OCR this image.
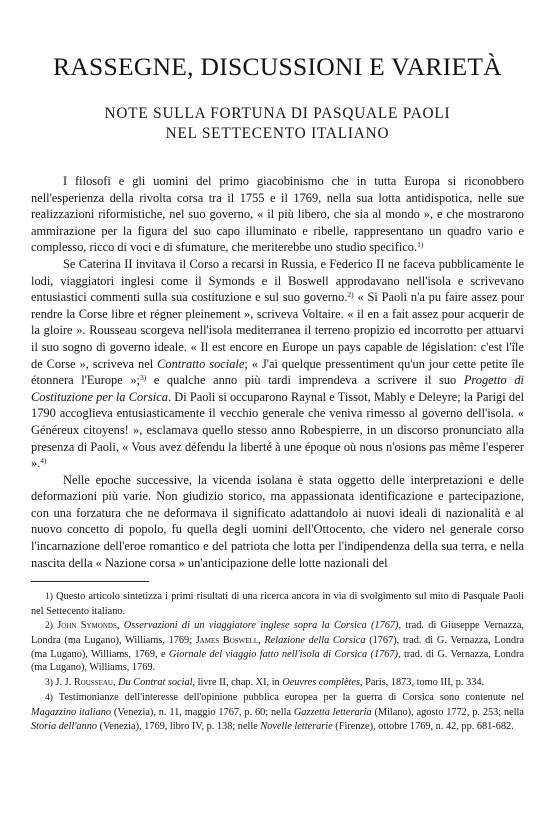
RASSEGNE, DISCUSSIONI E VARIETÀ
NOTE SULLA FORTUNA DI PASQUALE PAOLI
NEL SETTECENTO ITALIANO

I filosofi e gli uomini del primo giacobinismo che in tutta Europa si riconobbero nell'esperienza della rivolta corsa tra il 1755 e il 1769, nella sua lotta antidispotica, nelle sue realizzazioni riformistiche, nel suo governo, « il più libero, che sia al mondo », e che mostrarono ammirazione per la figura del suo capo illuminato e ribelle, rappresentano un quadro vario e complesso, ricco di voci e di sfumature, che meriterebbe uno studio specifico.$^{1)}$

Se Caterina II invitava il Corso a recarsi in Russia, e Federico II ne faceva pubblicamente le lodi, viaggiatori inglesi come il Symonds e il Boswell approdavano nell'isola e scrivevano entusiastici commenti sulla sua costituzione e sul suo governo.$^{2)}$ « Si Paoli n'a pu faire assez pour rendre la Corse libre et régner pleinement », scriveva Voltaire. « il en a fait assez pour acquerir de la gloire ». Rousseau scorgeva nell'isola mediterranea il terreno propizio ed incorrotto per attuarvi il suo sogno di governo ideale. « Il est encore en Europe un pays capable de législation: c'est l'île de Corse », scriveva nel Contratto sociale; « J'ai quelque pressentiment qu'un jour cette petite île étonnera l'Europe »;$^{3)}$ e qualche anno più tardi imprendeva a scrivere il suo Progetto di Costituzione per la Corsica. Di Paoli si occuparono Raynal e Tissot, Mably e Deleyre; la Parigi del 1790 accoglieva entusiasticamente il vecchio generale che veniva rimesso al governo dell'isola. « Généreux citoyens! », esclamava quello stesso anno Robespierre, in un discorso pronunciato alla presenza di Paoli, « Vous avez défendu la liberté à une époque où nous n'osions pas même l'esperer ».$^{4)}$

Nelle epoche successive, la vicenda isolana è stata oggetto delle interpretazioni e delle deformazioni più varie. Non giudizio storico, ma appassionata identificazione e partecipazione, con una forzatura che ne deformava il significato adattandolo ai nuovi ideali di nazionalità e al nuovo concetto di popolo, fu quella degli uomini dell'Ottocento, che videro nel generale corso l'incarnazione dell'eroe romantico e del patriota che lotta per l'indipendenza della sua terra, e nella nascita della « Nazione corsa » un'anticipazione delle lotte nazionali del

1) Questo articolo sintetizza i primi risultati di una ricerca ancora in via di svolgimento sul mito di Pasquale Paoli nel Settecento italiano.

2) John Symonds, Osservazioni di un viaggiatore inglese sopra la Corsica (1767), trad. di Giuseppe Vernazza, Londra (ma Lugano), Williams, 1769; James Boswell, Relazione della Corsica (1767), trad. di G. Vernazza, Londra (ma Lugano), Williams, 1769, e Giornale del viaggio fatto nell'isola di Corsica (1767), trad. di G. Vernazza, Londra (ma Lugano), Williams, 1769.

3) J. J. Rousseau, Du Contrat social, livre II, chap. XI, in Oeuvres complètes, Paris, 1873, tomo III, p. 334.

4) Testimonianze dell'interesse dell'opinione pubblica europea per la guerra di Corsica sono contenute nel Magazzino italiano (Venezia), n. 11, maggio 1767, p. 60; nella Gazzetta letteraria (Milano), agosto 1772, p. 253; nella Storia dell'anno (Venezia), 1769, libro IV, p. 138; nelle Novelle letterarie (Firenze), ottobre 1769, n. 42, pp. 681-682.
